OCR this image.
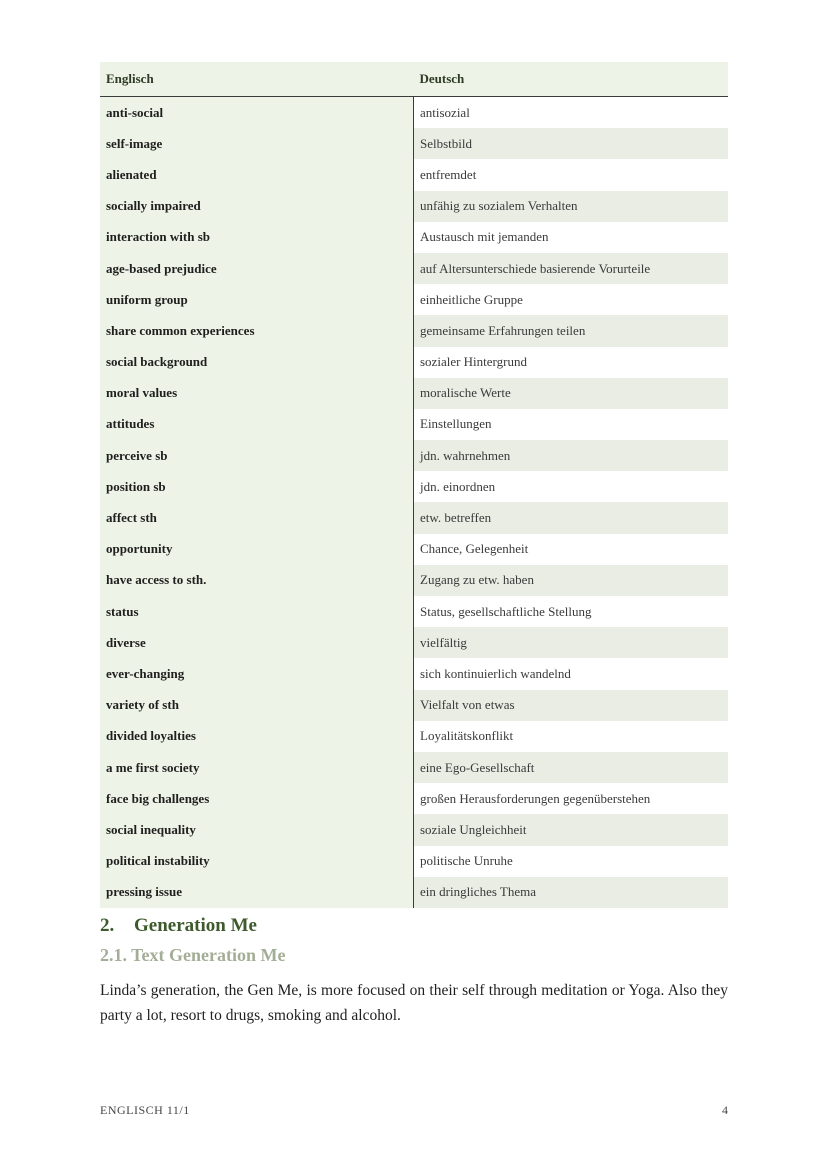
Englisch	Deutsch
anti-social	antisozial
self-image	Selbstbild
alienated	entfremdet
socially impaired	unfähig zu sozialem Verhalten
interaction with sb	Austausch mit jemanden
age-based prejudice	auf Altersunterschiede basierende Vorurteile
uniform group	einheitliche Gruppe
share common experiences	gemeinsame Erfahrungen teilen
social background	sozialer Hintergrund
moral values	moralische Werte
attitudes	Einstellungen
perceive sb	jdn. wahrnehmen
position sb	jdn. einordnen
affect sth	etw. betreffen
opportunity	Chance, Gelegenheit
have access to sth.	Zugang zu etw. haben
status	Status, gesellschaftliche Stellung
diverse	vielfältig
ever-changing	sich kontinuierlich wandelnd
variety of sth	Vielfalt von etwas
divided loyalties	Loyalitätskonflikt
a me first society	eine Ego-Gesellschaft
face big challenges	großen Herausforderungen gegenüberstehen
social inequality	soziale Ungleichheit
political instability	politische Unruhe
pressing issue	ein dringliches Thema
2. Generation Me
2.1. Text Generation Me

Linda’s generation, the Gen Me, is more focused on their self through meditation or Yoga. Also they party a lot, resort to drugs, smoking and alcohol.

ENGLISCH 11/1	4
